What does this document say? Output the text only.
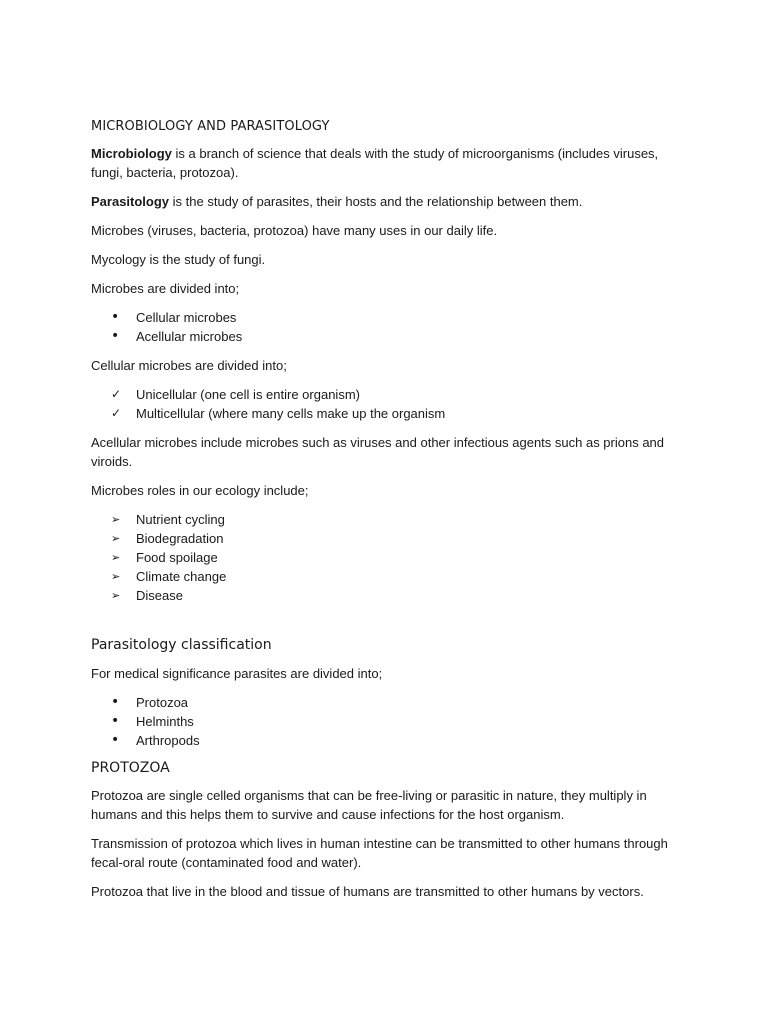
MICROBIOLOGY AND PARASITOLOGY

Microbiology is a branch of science that deals with the study of microorganisms (includes viruses, fungi, bacteria, protozoa).

Parasitology is the study of parasites, their hosts and the relationship between them.

Microbes (viruses, bacteria, protozoa) have many uses in our daily life.

Mycology is the study of fungi.

Microbes are divided into;

•
Cellular microbes
•
Acellular microbes

Cellular microbes are divided into;

✓
Unicellular (one cell is entire organism)
✓
Multicellular (where many cells make up the organism

Acellular microbes include microbes such as viruses and other infectious agents such as prions and viroids.

Microbes roles in our ecology include;

➢
Nutrient cycling
➢
Biodegradation
➢
Food spoilage
➢
Climate change
➢
Disease
Parasitology classification

For medical significance parasites are divided into;

•
Protozoa
•
Helminths
•
Arthropods
PROTOZOA

Protozoa are single celled organisms that can be free-living or parasitic in nature, they multiply in humans and this helps them to survive and cause infections for the host organism.

Transmission of protozoa which lives in human intestine can be transmitted to other humans through fecal-oral route (contaminated food and water).

Protozoa that live in the blood and tissue of humans are transmitted to other humans by vectors.
